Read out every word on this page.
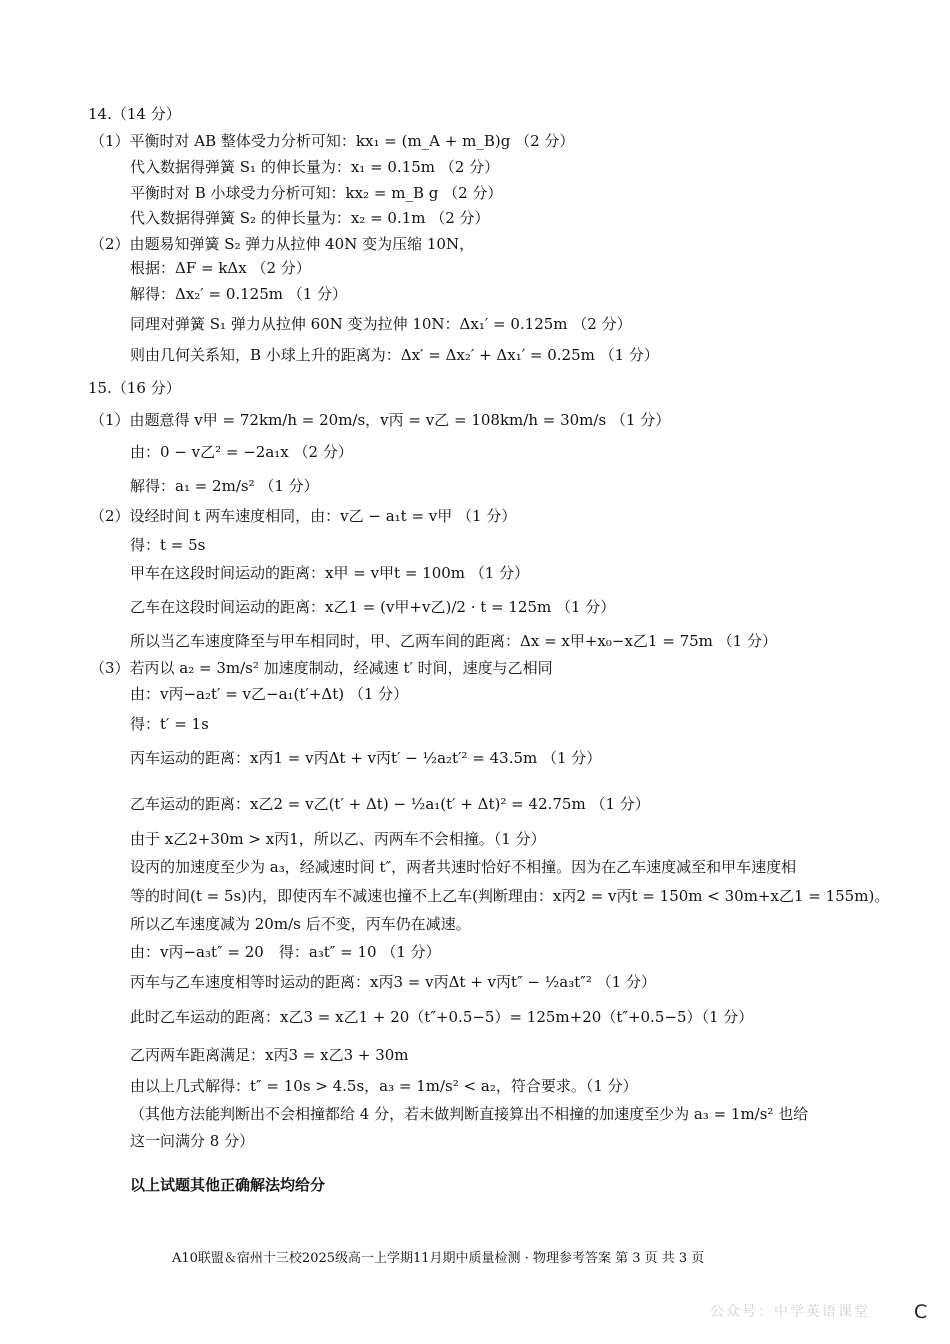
14.（14 分）
（1）平衡时对 AB 整体受力分析可知：kx₁ = (m_A + m_B)g （2 分）
代入数据得弹簧 S₁ 的伸长量为：x₁ = 0.15m （2 分）
平衡时对 B 小球受力分析可知：kx₂ = m_B g （2 分）
代入数据得弹簧 S₂ 的伸长量为：x₂ = 0.1m （2 分）
（2）由题易知弹簧 S₂ 弹力从拉伸 40N 变为压缩 10N，
根据：ΔF = kΔx （2 分）
解得：Δx₂′ = 0.125m （1 分）
同理对弹簧 S₁ 弹力从拉伸 60N 变为拉伸 10N：Δx₁′ = 0.125m （2 分）
则由几何关系知，B 小球上升的距离为：Δx′ = Δx₂′ + Δx₁′ = 0.25m （1 分）
15.（16 分）
（1）由题意得 v甲 = 72km/h = 20m/s，v丙 = v乙 = 108km/h = 30m/s （1 分）
由：0 − v乙² = −2a₁x （2 分）
解得：a₁ = 2m/s² （1 分）
（2）设经时间 t 两车速度相同，由：v乙 − a₁t = v甲 （1 分）
得：t = 5s
甲车在这段时间运动的距离：x甲 = v甲t = 100m （1 分）
乙车在这段时间运动的距离：x乙1 = (v甲+v乙)/2 · t = 125m （1 分）
所以当乙车速度降至与甲车相同时，甲、乙两车间的距离：Δx = x甲+x₀−x乙1 = 75m （1 分）
（3）若丙以 a₂ = 3m/s² 加速度制动，经减速 t′ 时间，速度与乙相同
由：v丙−a₂t′ = v乙−a₁(t′+Δt) （1 分）
得：t′ = 1s
丙车运动的距离：x丙1 = v丙Δt + v丙t′ − ½a₂t′² = 43.5m （1 分）
乙车运动的距离：x乙2 = v乙(t′ + Δt) − ½a₁(t′ + Δt)² = 42.75m （1 分）
由于 x乙2+30m > x丙1，所以乙、丙两车不会相撞。（1 分）
设丙的加速度至少为 a₃，经减速时间 t″，两者共速时恰好不相撞。因为在乙车速度减至和甲车速度相
等的时间(t = 5s)内，即使丙车不减速也撞不上乙车(判断理由：x丙2 = v丙t = 150m < 30m+x乙1 = 155m)。
所以乙车速度减为 20m/s 后不变，丙车仍在减速。
由：v丙−a₃t″ = 20　得：a₃t″ = 10 （1 分）
丙车与乙车速度相等时运动的距离：x丙3 = v丙Δt + v丙t″ − ½a₃t″² （1 分）
此时乙车运动的距离：x乙3 = x乙1 + 20（t″+0.5−5）= 125m+20（t″+0.5−5）（1 分）
乙丙两车距离满足：x丙3 = x乙3 + 30m
由以上几式解得：t″ = 10s > 4.5s，a₃ = 1m/s² < a₂，符合要求。（1 分）
（其他方法能判断出不会相撞都给 4 分，若未做判断直接算出不相撞的加速度至少为 a₃ = 1m/s² 也给
这一问满分 8 分）
以上试题其他正确解法均给分
A10联盟＆宿州十三校2025级高一上学期11月期中质量检测 · 物理参考答案 第 3 页 共 3 页
公众号：中学英语课堂 C
